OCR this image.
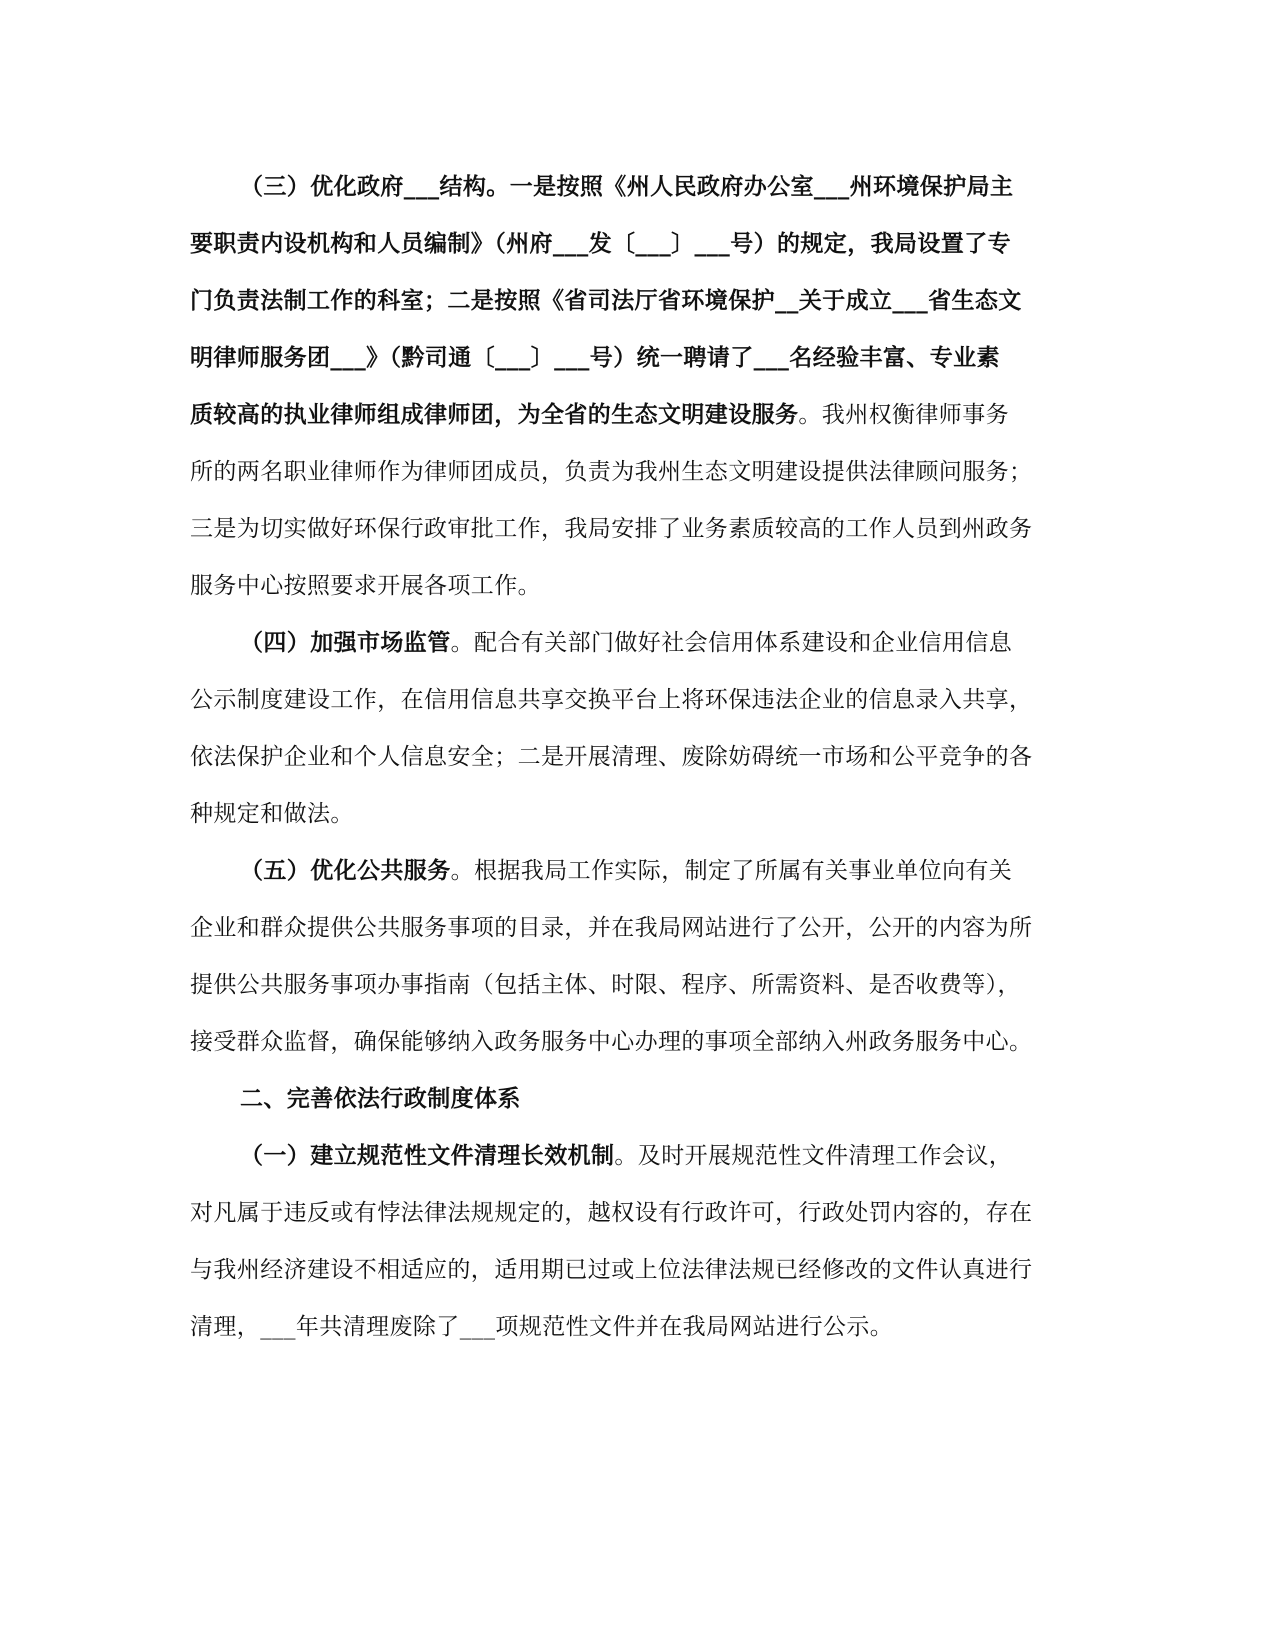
（三）优化政府___结构。一是按照《州人民政府办公室___州环境保护局主
要职责内设机构和人员编制》（州府___发〔___〕___号）的规定，我局设置了专
门负责法制工作的科室；二是按照《省司法厅省环境保护__关于成立___省生态文
明律师服务团___》（黔司通〔___〕___号）统一聘请了___名经验丰富、专业素
质较高的执业律师组成律师团，为全省的生态文明建设服务。我州权衡律师事务
所的两名职业律师作为律师团成员，负责为我州生态文明建设提供法律顾问服务；
三是为切实做好环保行政审批工作，我局安排了业务素质较高的工作人员到州政务
服务中心按照要求开展各项工作。
（四）加强市场监管。配合有关部门做好社会信用体系建设和企业信用信息
公示制度建设工作，在信用信息共享交换平台上将环保违法企业的信息录入共享，
依法保护企业和个人信息安全；二是开展清理、废除妨碍统一市场和公平竞争的各
种规定和做法。
（五）优化公共服务。根据我局工作实际，制定了所属有关事业单位向有关
企业和群众提供公共服务事项的目录，并在我局网站进行了公开，公开的内容为所
提供公共服务事项办事指南（包括主体、时限、程序、所需资料、是否收费等），
接受群众监督，确保能够纳入政务服务中心办理的事项全部纳入州政务服务中心。
二、完善依法行政制度体系
（一）建立规范性文件清理长效机制。及时开展规范性文件清理工作会议，
对凡属于违反或有悖法律法规规定的，越权设有行政许可，行政处罚内容的，存在
与我州经济建设不相适应的，适用期已过或上位法律法规已经修改的文件认真进行
清理，___年共清理废除了___项规范性文件并在我局网站进行公示。
